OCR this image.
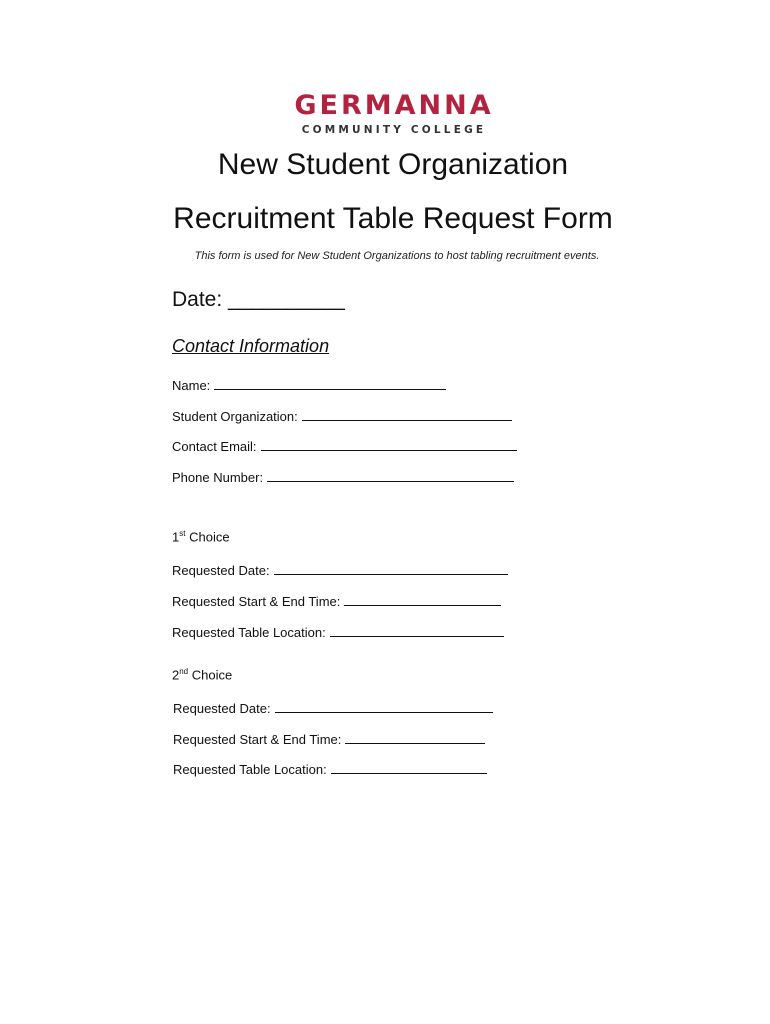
GERMANNA
COMMUNITY COLLEGE
New Student Organization
Recruitment Table Request Form
This form is used for New Student Organizations to host tabling recruitment events.
Date: __________
Contact Information
Name:
Student Organization:
Contact Email:
Phone Number:
1st Choice
Requested Date:
Requested Start & End Time:
Requested Table Location:
2nd Choice
Requested Date:
Requested Start & End Time:
Requested Table Location:
